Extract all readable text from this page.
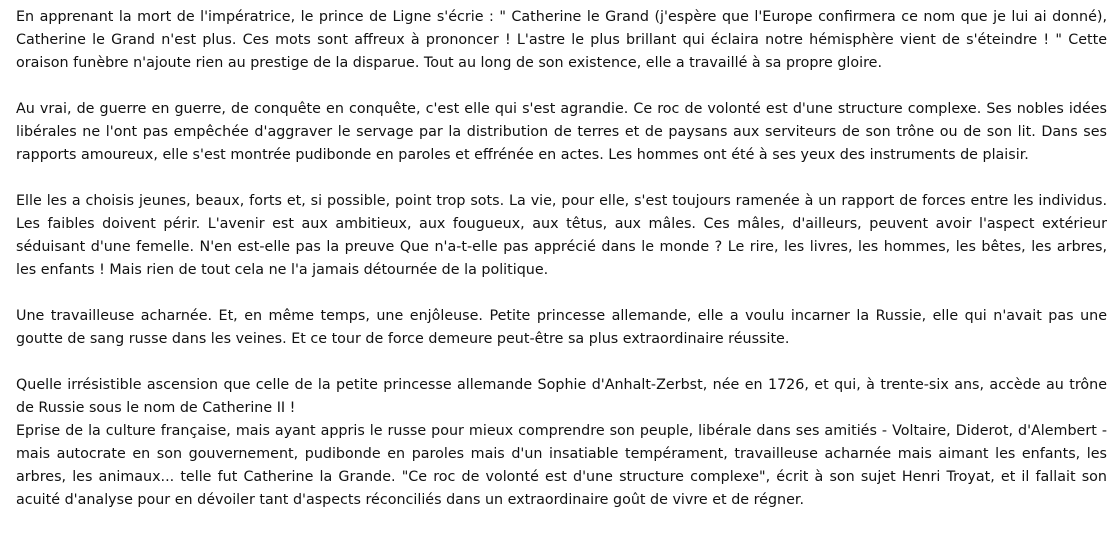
En apprenant la mort de l'impératrice, le prince de Ligne s'écrie : " Catherine le Grand (j'espère que l'Europe confirmera ce nom que je lui ai donné), Catherine le Grand n'est plus. Ces mots sont affreux à prononcer ! L'astre le plus brillant qui éclaira notre hémisphère vient de s'éteindre ! " Cette oraison funèbre n'ajoute rien au prestige de la disparue. Tout au long de son existence, elle a travaillé à sa propre gloire.

Au vrai, de guerre en guerre, de conquête en conquête, c'est elle qui s'est agrandie. Ce roc de volonté est d'une structure complexe. Ses nobles idées libérales ne l'ont pas empêchée d'aggraver le servage par la distribution de terres et de paysans aux serviteurs de son trône ou de son lit. Dans ses rapports amoureux, elle s'est montrée pudibonde en paroles et effrénée en actes. Les hommes ont été à ses yeux des instruments de plaisir.

Elle les a choisis jeunes, beaux, forts et, si possible, point trop sots. La vie, pour elle, s'est toujours ramenée à un rapport de forces entre les individus. Les faibles doivent périr. L'avenir est aux ambitieux, aux fougueux, aux têtus, aux mâles. Ces mâles, d'ailleurs, peuvent avoir l'aspect extérieur séduisant d'une femelle. N'en est-elle pas la preuve Que n'a-t-elle pas apprécié dans le monde ? Le rire, les livres, les hommes, les bêtes, les arbres, les enfants ! Mais rien de tout cela ne l'a jamais détournée de la politique.

Une travailleuse acharnée. Et, en même temps, une enjôleuse. Petite princesse allemande, elle a voulu incarner la Russie, elle qui n'avait pas une goutte de sang russe dans les veines. Et ce tour de force demeure peut-être sa plus extraordinaire réussite.

Quelle irrésistible ascension que celle de la petite princesse allemande Sophie d'Anhalt-Zerbst, née en 1726, et qui, à trente-six ans, accède au trône de Russie sous le nom de Catherine II !

Eprise de la culture française, mais ayant appris le russe pour mieux comprendre son peuple, libérale dans ses amitiés - Voltaire, Diderot, d'Alembert - mais autocrate en son gouvernement, pudibonde en paroles mais d'un insatiable tempérament, travailleuse acharnée mais aimant les enfants, les arbres, les animaux... telle fut Catherine la Grande. "Ce roc de volonté est d'une structure complexe", écrit à son sujet Henri Troyat, et il fallait son acuité d'analyse pour en dévoiler tant d'aspects réconciliés dans un extraordinaire goût de vivre et de régner.
